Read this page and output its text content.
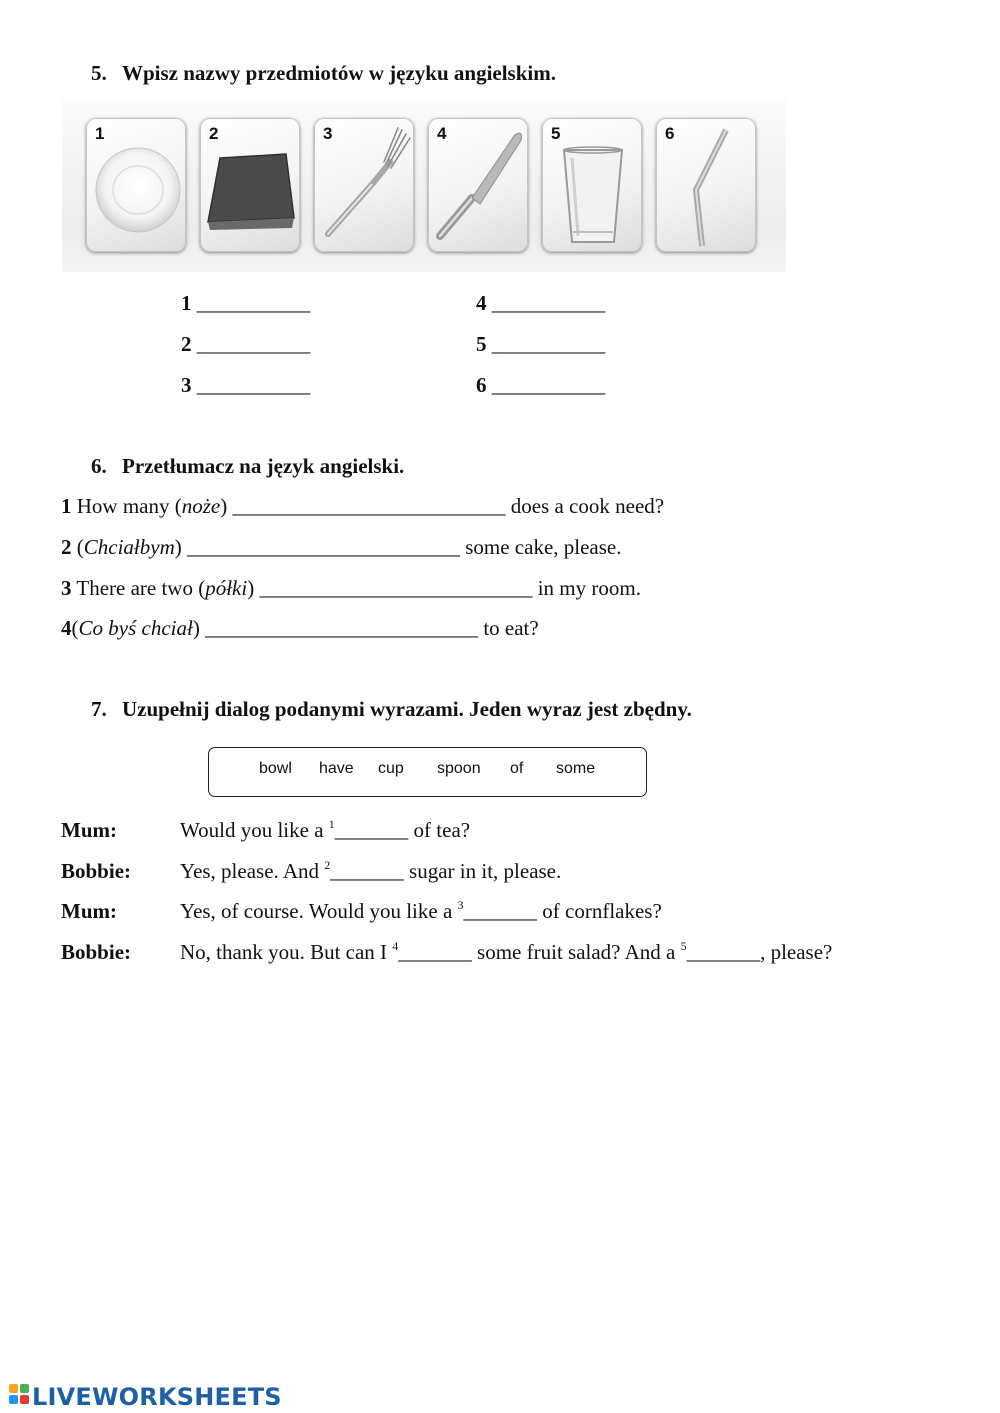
5. Wpisz nazwy przedmiotów w języku angielskim.
1	2	3	4	5	6
1 ___________
2 ___________
3 ___________
4 ___________
5 ___________
6 ___________
6. Przetłumacz na język angielski.
1 How many (noże) __________________________ does a cook need?
2 (Chciałbym) __________________________ some cake, please.
3 There are two (półki) __________________________ in my room.
4(Co byś chciał) __________________________ to eat?
7. Uzupełnij dialog podanymi wyrazami. Jeden wyraz jest zbędny.
bowl have cup spoon of some
Mum:	Would you like a $^1$_______ of tea?
Bobbie: Yes, please. And $^2$_______ sugar in it, please.
Mum:	Yes, of course. Would you like a $^3$_______ of cornflakes?
Bobbie: No, thank you. But can I $^4$_______ some fruit salad? And a $^5$_______, please?
LIVEWORKSHEETS
